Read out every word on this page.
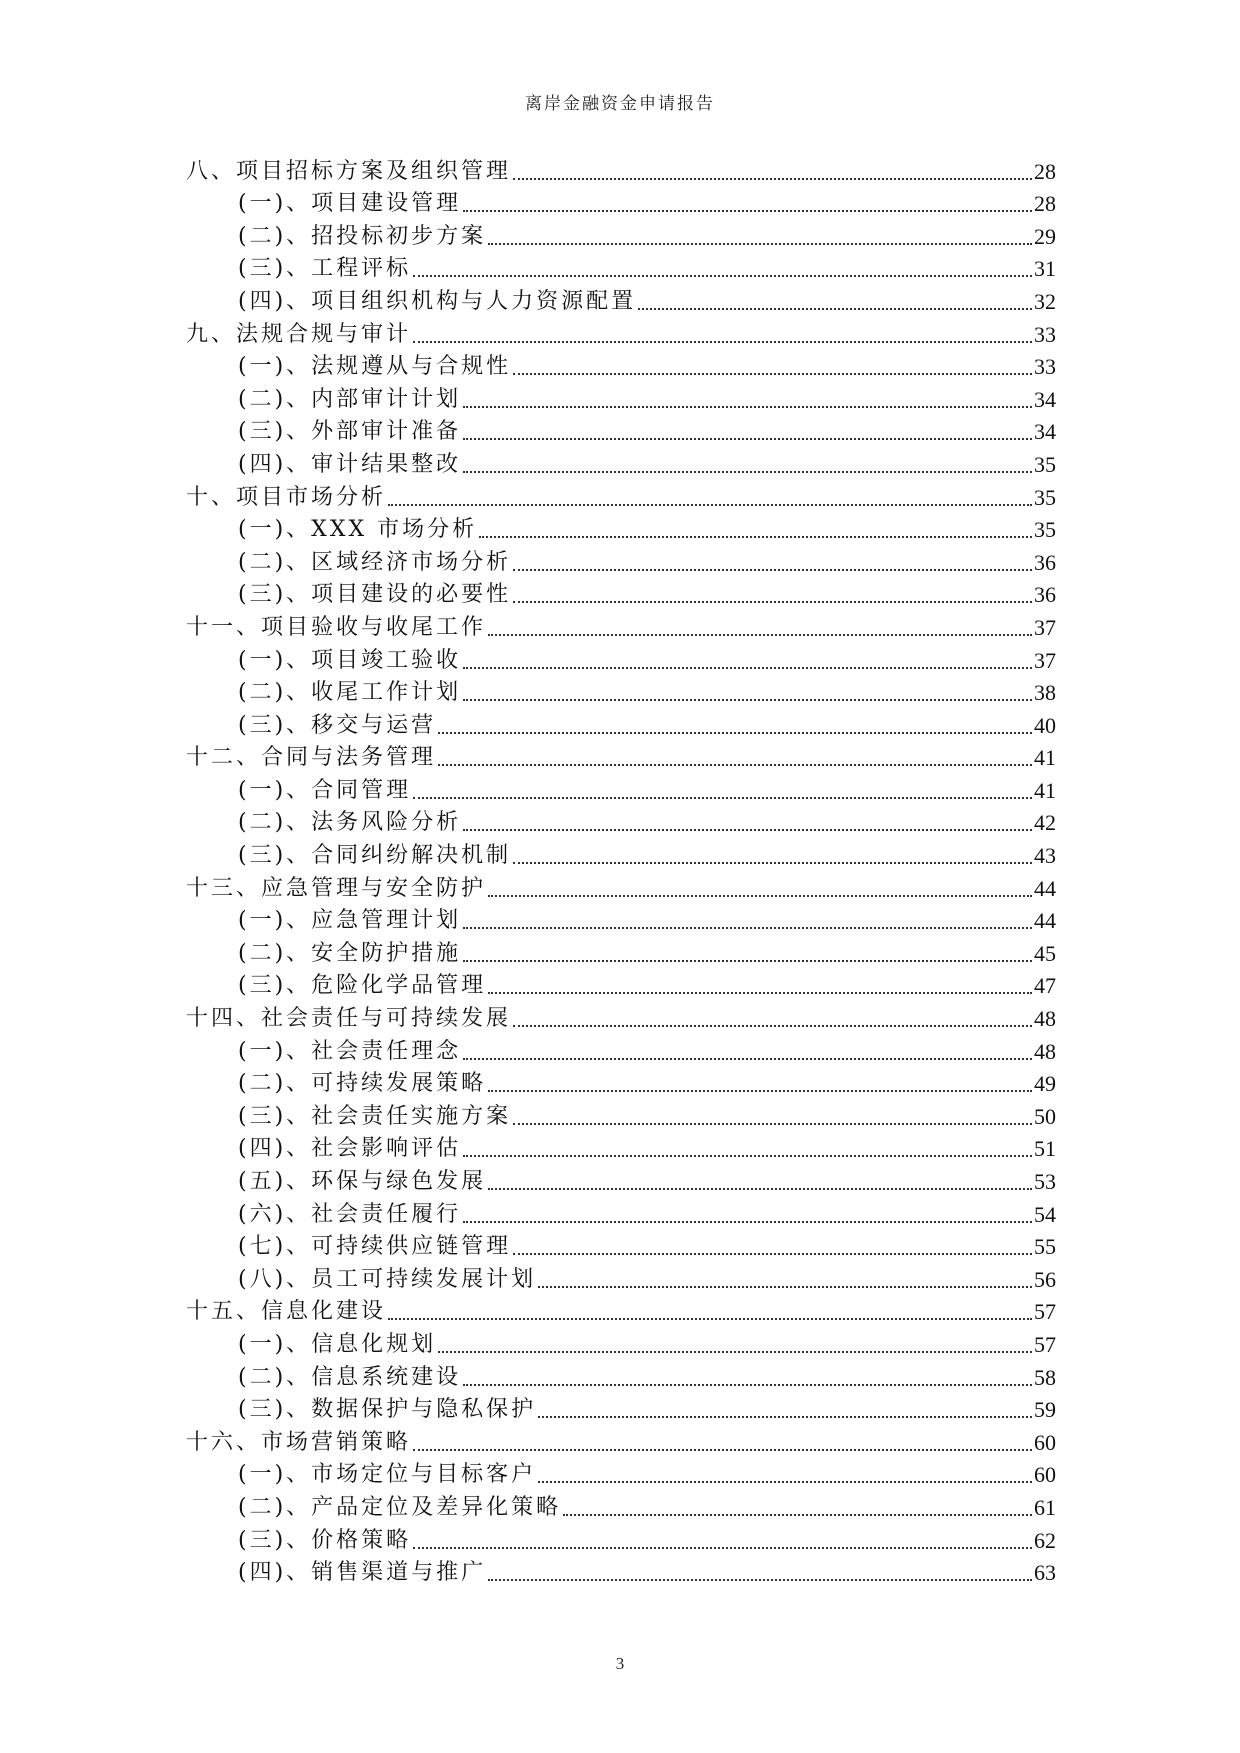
离岸金融资金申请报告
八、项目招标方案及组织管理	28
(一)、项目建设管理	28
(二)、招投标初步方案	29
(三)、工程评标	31
(四)、项目组织机构与人力资源配置	32
九、法规合规与审计	33
(一)、法规遵从与合规性	33
(二)、内部审计计划	34
(三)、外部审计准备	34
(四)、审计结果整改	35
十、项目市场分析	35
(一)、XXX 市场分析	35
(二)、区域经济市场分析	36
(三)、项目建设的必要性	36
十一、项目验收与收尾工作	37
(一)、项目竣工验收	37
(二)、收尾工作计划	38
(三)、移交与运营	40
十二、合同与法务管理	41
(一)、合同管理	41
(二)、法务风险分析	42
(三)、合同纠纷解决机制	43
十三、应急管理与安全防护	44
(一)、应急管理计划	44
(二)、安全防护措施	45
(三)、危险化学品管理	47
十四、社会责任与可持续发展	48
(一)、社会责任理念	48
(二)、可持续发展策略	49
(三)、社会责任实施方案	50
(四)、社会影响评估	51
(五)、环保与绿色发展	53
(六)、社会责任履行	54
(七)、可持续供应链管理	55
(八)、员工可持续发展计划	56
十五、信息化建设	57
(一)、信息化规划	57
(二)、信息系统建设	58
(三)、数据保护与隐私保护	59
十六、市场营销策略	60
(一)、市场定位与目标客户	60
(二)、产品定位及差异化策略	61
(三)、价格策略	62
(四)、销售渠道与推广	63
3
